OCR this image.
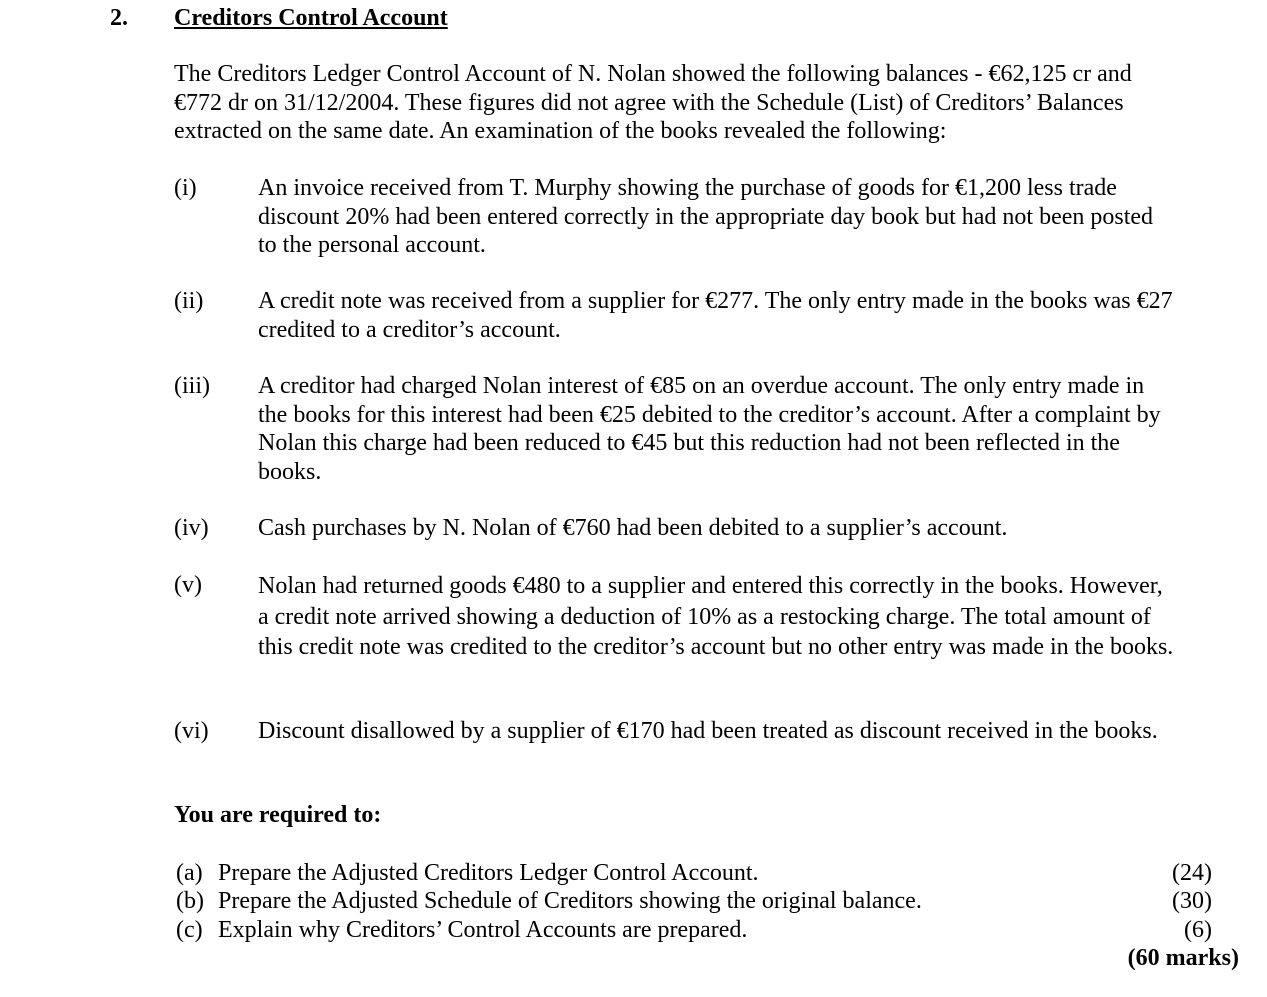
2. Creditors Control Account

The Creditors Ledger Control Account of N. Nolan showed the following balances - €62,125 cr and €772 dr on 31/12/2004. These figures did not agree with the Schedule (List) of Creditors’ Balances extracted on the same date. An examination of the books revealed the following:

(i)	An invoice received from T. Murphy showing the purchase of goods for €1,200 less trade discount 20% had been entered correctly in the appropriate day book but had not been posted to the personal account.
(ii) A credit note was received from a supplier for €277. The only entry made in the books was €27 credited to a creditor’s account.
(iii) A creditor had charged Nolan interest of €85 on an overdue account. The only entry made in the books for this interest had been €25 debited to the creditor’s account. After a complaint by Nolan this charge had been reduced to €45 but this reduction had not been reflected in the books.
(iv) Cash purchases by N. Nolan of €760 had been debited to a supplier’s account.
(v) Nolan had returned goods €480 to a supplier and entered this correctly in the books. However, a credit note arrived showing a deduction of 10% as a restocking charge. The total amount of this credit note was credited to the creditor’s account but no other entry was made in the books.
(vi) Discount disallowed by a supplier of €170 had been treated as discount received in the books.
You are required to:
(a) Prepare the Adjusted Creditors Ledger Control Account.	(24)
(b) Prepare the Adjusted Schedule of Creditors showing the original balance.	(30)
(c) Explain why Creditors’ Control Accounts are prepared.	(6)
(60 marks)
